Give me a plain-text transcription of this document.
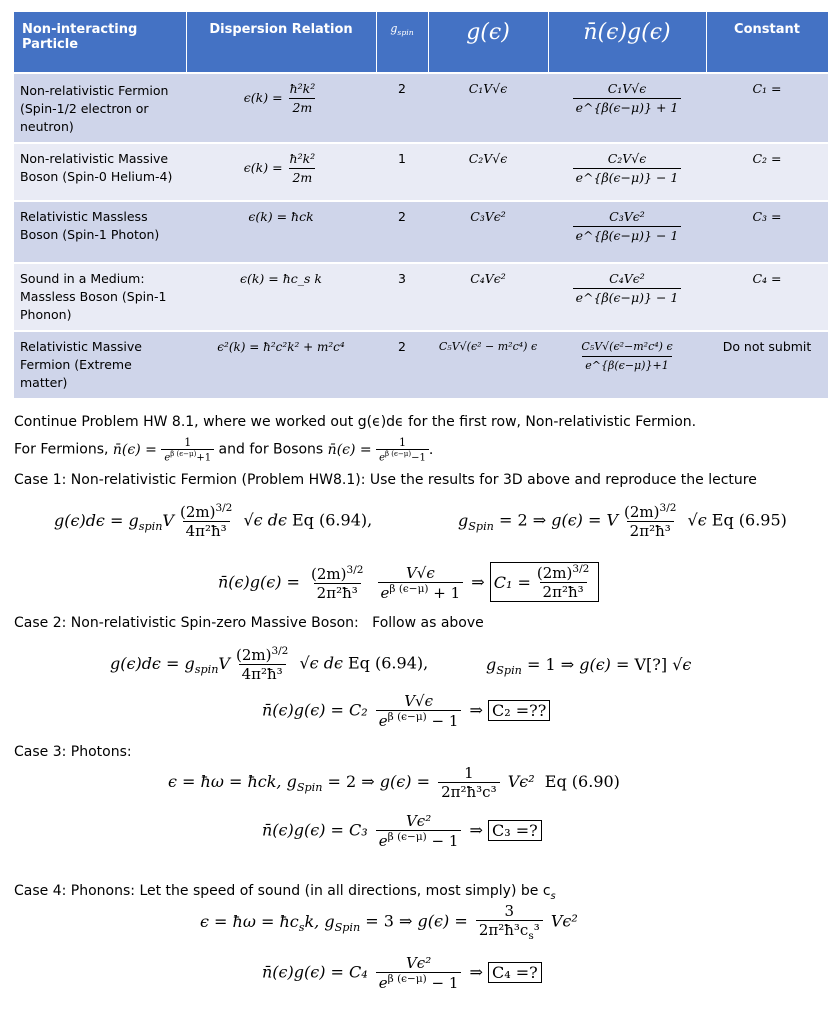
Non-interacting Particle	Dispersion Relation	$g_{spin}$	g(ϵ)	n̄(ϵ)g(ϵ)	Constant
Non-relativistic Fermion (Spin-1/2 electron or neutron)	$\epsilon(k) = \frac{\text{ħ²k²}}{2m}$	2	C₁V√ϵ	$\frac{\text{C₁V√ϵ}}{e\^{}\{\beta(\epsilon-\mu)\} + 1}$	C₁ =
Non-relativistic Massive Boson (Spin-0 Helium-4)	$\epsilon(k) = \frac{\text{ħ²k²}}{2m}$	1	C₂V√ϵ	$\frac{\text{C₂V√ϵ}}{e\^{}\{\beta(\epsilon-\mu)\} - 1}$	C₂ =
Relativistic Massless Boson (Spin-1 Photon)	ϵ(k) = ħck	2	C₃Vϵ²	$\frac{\text{C₃Vϵ²}}{e\^{}\{\beta(\epsilon-\mu)\} - 1}$	C₃ =
Sound in a Medium: Massless Boson (Spin-1 Phonon)	ϵ(k) = ħc_s k	3	C₄Vϵ²	$\frac{\text{C₄Vϵ²}}{e\^{}\{\beta(\epsilon-\mu)\} - 1}$	C₄ =
Relativistic Massive Fermion (Extreme matter)	ϵ²(k) = ħ²c²k² + m²c⁴	2	C₅V√(ϵ² − m²c⁴) ϵ	$\frac{\text{C₅V√(ϵ²−m²c⁴) ϵ}}{e\^{}\{\beta(\epsilon-\mu)\}+1}$	Do not submit
Continue Problem HW 8.1, where we worked out g(ϵ)dϵ for the first row, Non-relativistic Fermion.
For Fermions, n̄(ϵ) = $\frac{1}{e^{\beta (\epsilon-\mu)}+1}$ and for Bosons n̄(ϵ) = $\frac{1}{e^{\beta (\epsilon-\mu)}-1}$ .
Case 1: Non-relativistic Fermion (Problem HW8.1): Use the results for 3D above and reproduce the lecture
$g(\epsilon)d\epsilon = g_{spin}V \frac{(2m)^{3/2}}{\text{4π²ħ³}} √\epsilon$ dϵ Eq (6.94),	$g_{Spin} = 2$ ⇒ g(ϵ) = V $\frac{(2m)^{3/2}}{\text{2π²ħ³}} √\epsilon$ Eq (6.95)
n̄(ϵ)g(ϵ) = $\frac{(2m)^{3/2}}{\text{2π²ħ³}}$
$\frac{V√\epsilon}{e^{\beta (\epsilon-\mu)} + 1}$ ⇒ $C_1 = \frac{(2m)^{3/2}}{\text{2π²ħ³}}$
Case 2: Non-relativistic Spin-zero Massive Boson: Follow as above
$g(\epsilon)d\epsilon = g_{spin}V \frac{(2m)^{3/2}}{\text{4π²ħ³}} √\epsilon$ dϵ Eq (6.94),	$g_{Spin} = 1$ ⇒ g(ϵ) = V[?] √ϵ
n̄(ϵ)g(ϵ) = $C_2 \frac{V√\epsilon}{e^{\beta (\epsilon-\mu)} - 1}$ ⇒ C₂ =??
Case 3: Photons:
ϵ = ħω = ħck, $g_{Spin} = 2$ ⇒ $g(\epsilon) = \frac{1}{\text{2π²ħ³c³}} V\epsilon^2$ Eq (6.90)
n̄(ϵ)g(ϵ) = $C_3 \frac{\text{Vϵ²}}{e^{\beta (\epsilon-\mu)} - 1}$ ⇒ C₃ =?
Case 4: Phonons: Let the speed of sound (in all directions, most simply) be $c_s$
ϵ = ħω = $ħc_sk$, $g_{Spin} = 3$ ⇒ $g(\epsilon) = \frac{3}{2\pi^2ħ^3c_s^3} V\epsilon^2$
n̄(ϵ)g(ϵ) = $C_4 \frac{\text{Vϵ²}}{e^{\beta (\epsilon-\mu)} - 1}$ ⇒ C₄ =?
